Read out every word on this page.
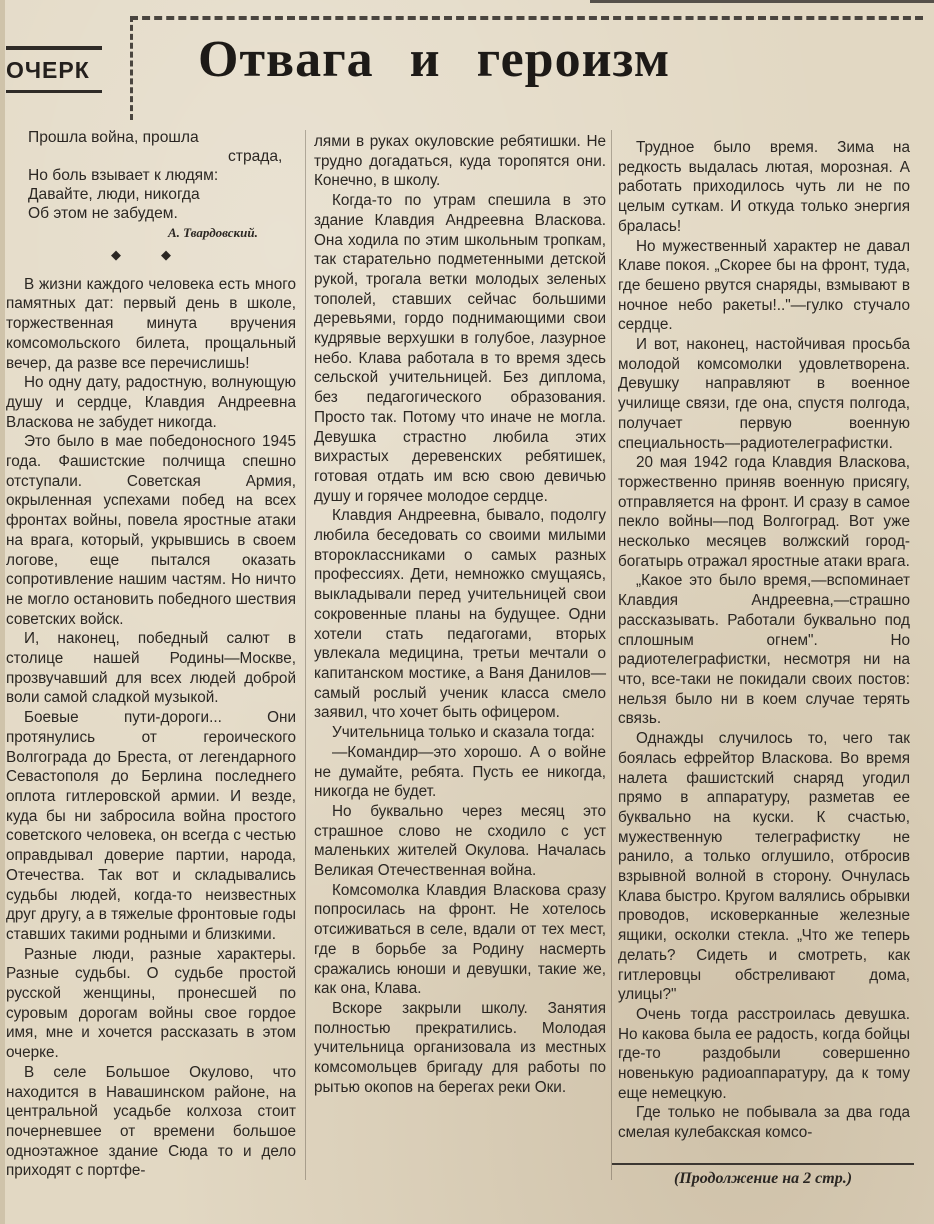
ОЧЕРК Отвага и героизм
Прошла война, прошла
страда,
Но боль взывает к людям:
Давайте, люди, никогда
Об этом не забудем.
А. Твардовский.
◆◆

В жизни каждого человека есть много памятных дат: первый день в школе, торжественная минута вручения комсомольского билета, прощальный вечер, да разве все перечислишь!

Но одну дату, радостную, волнующую душу и сердце, Клавдия Андреевна Власкова не забудет никогда.

Это было в мае победоносного 1945 года. Фашистские полчища спешно отступали. Советская Армия, окрыленная успехами побед на всех фронтах войны, повела яростные атаки на врага, который, укрывшись в своем логове, еще пытался оказать сопротивление нашим частям. Но ничто не могло остановить победного шествия советских войск.

И, наконец, победный салют в столице нашей Родины—Москве, прозвучавший для всех людей доброй воли самой сладкой музыкой.

Боевые пути-дороги... Они протянулись от героического Волгограда до Бреста, от легендарного Севастополя до Берлина последнего оплота гитлеровской армии. И везде, куда бы ни забросила война простого советского человека, он всегда с честью оправдывал доверие партии, народа, Отечества. Так вот и складывались судьбы людей, когда-то неизвестных друг другу, а в тяжелые фронтовые годы ставших такими родными и близкими.

Разные люди, разные характеры. Разные судьбы. О судьбе простой русской женщины, пронесшей по суровым дорогам войны свое гордое имя, мне и хочется рассказать в этом очерке.

В селе Большое Окулово, что находится в Навашинском районе, на центральной усадьбе колхоза стоит почерневшее от времени большое одноэтажное здание Сюда то и дело приходят с портфе-

лями в руках окуловские ребятишки. Не трудно догадаться, куда торопятся они. Конечно, в школу.

Когда-то по утрам спешила в это здание Клавдия Андреевна Власкова. Она ходила по этим школьным тропкам, так старательно подметенными детской рукой, трогала ветки молодых зеленых тополей, ставших сейчас большими деревьями, гордо поднимающими свои кудрявые верхушки в голубое, лазурное небо. Клава работала в то время здесь сельской учительницей. Без диплома, без педагогического образования. Просто так. Потому что иначе не могла. Девушка страстно любила этих вихрастых деревенских ребятишек, готовая отдать им всю свою девичью душу и горячее молодое сердце.

Клавдия Андреевна, бывало, подолгу любила беседовать со своими милыми второклассниками о самых разных профессиях. Дети, немножко смущаясь, выкладывали перед учительницей свои сокровенные планы на будущее. Одни хотели стать педагогами, вторых увлекала медицина, третьи мечтали о капитанском мостике, а Ваня Данилов—самый рослый ученик класса смело заявил, что хочет быть офицером.

Учительница только и сказала тогда:

—Командир—это хорошо. А о войне не думайте, ребята. Пусть ее никогда, никогда не будет.

Но буквально через месяц это страшное слово не сходило с уст маленьких жителей Окулова. Началась Великая Отечественная война.

Комсомолка Клавдия Власкова сразу попросилась на фронт. Не хотелось отсиживаться в селе, вдали от тех мест, где в борьбе за Родину насмерть сражались юноши и девушки, такие же, как она, Клава.

Вскоре закрыли школу. Занятия полностью прекратились. Молодая учительница организовала из местных комсомольцев бригаду для работы по рытью окопов на берегах реки Оки.

Трудное было время. Зима на редкость выдалась лютая, морозная. А работать приходилось чуть ли не по целым суткам. И откуда только энергия бралась!

Но мужественный характер не давал Клаве покоя. „Скорее бы на фронт, туда, где бешено рвутся снаряды, взмывают в ночное небо ракеты!.."—гулко стучало сердце.

И вот, наконец, настойчивая просьба молодой комсомолки удовлетворена. Девушку направляют в военное училище связи, где она, спустя полгода, получает первую военную специальность—радиотелеграфистки.

20 мая 1942 года Клавдия Власкова, торжественно приняв военную присягу, отправляется на фронт. И сразу в самое пекло войны—под Волгоград. Вот уже несколько месяцев волжский город-богатырь отражал яростные атаки врага.

„Какое это было время,—вспоминает Клавдия Андреевна,—страшно рассказывать. Работали буквально под сплошным огнем". Но радиотелеграфистки, несмотря ни на что, все-таки не покидали своих постов: нельзя было ни в коем случае терять связь.

Однажды случилось то, чего так боялась ефрейтор Власкова. Во время налета фашистский снаряд угодил прямо в аппаратуру, разметав ее буквально на куски. К счастью, мужественную телеграфистку не ранило, а только оглушило, отбросив взрывной волной в сторону. Очнулась Клава быстро. Кругом валялись обрывки проводов, исковерканные железные ящики, осколки стекла. „Что же теперь делать? Сидеть и смотреть, как гитлеровцы обстреливают дома, улицы?"

Очень тогда расстроилась девушка. Но какова была ее радость, когда бойцы где-то раздобыли совершенно новенькую радиоаппаратуру, да к тому еще немецкую.

Где только не побывала за два года смелая кулебакская комсо-

(Продолжение на 2 стр.)
